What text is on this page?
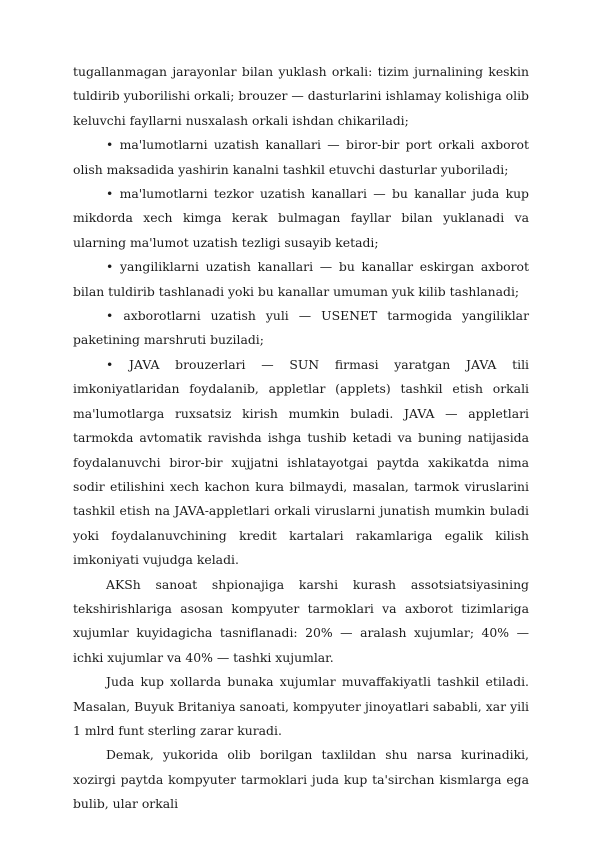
tugallanmagan jarayonlar bilan yuklash orkali: tizim jurnalining keskin tuldirib yuborilishi orkali; brouzer — dasturlarini ishlamay kolishiga olib keluvchi fayllarni nusxalash orkali ishdan chikariladi;

• ma'lumotlarni uzatish kanallari — biror-bir port orkali axborot olish maksadida yashirin kanalni tashkil etuvchi dasturlar yuboriladi;

• ma'lumotlarni tezkor uzatish kanallari — bu kanallar juda kup mikdorda xech kimga kerak bulmagan fayllar bilan yuklanadi va ularning ma'lumot uzatish tezligi susayib ketadi;

• yangiliklarni uzatish kanallari — bu kanallar eskirgan axborot bilan tuldirib tashlanadi yoki bu kanallar umuman yuk kilib tashlanadi;

• axborotlarni uzatish yuli — USENET tarmogida yangiliklar paketining marshruti buziladi;

• JAVA brouzerlari — SUN firmasi yaratgan JAVA tili imkoniyatlaridan foydalanib, appletlar (applets) tashkil etish orkali ma'lumotlarga ruxsatsiz kirish mumkin buladi. JAVA — appletlari tarmokda avtomatik ravishda ishga tushib ketadi va buning natijasida foydalanuvchi biror-bir xujjatni ishlatayotgai paytda xakikatda nima sodir etilishini xech kachon kura bilmaydi, masalan, tarmok viruslarini tashkil etish na JAVA-appletlari orkali viruslarni junatish mumkin buladi yoki foydalanuvchining kredit kartalari rakamlariga egalik kilish imkoniyati vujudga keladi.

AKSh sanoat shpionajiga karshi kurash assotsiatsiyasining tekshirishlariga asosan kompyuter tarmoklari va axborot tizimlariga xujumlar kuyidagicha tasniflanadi: 20% — aralash xujumlar; 40% — ichki xujumlar va 40% — tashki xujumlar.

Juda kup xollarda bunaka xujumlar muvaffakiyatli tashkil etiladi. Masalan, Buyuk Britaniya sanoati, kompyuter jinoyatlari sababli, xar yili 1 mlrd funt sterling zarar kuradi.

Demak, yukorida olib borilgan taxlildan shu narsa kurinadiki, xozirgi paytda kompyuter tarmoklari juda kup ta'sirchan kismlarga ega bulib, ular orkali
